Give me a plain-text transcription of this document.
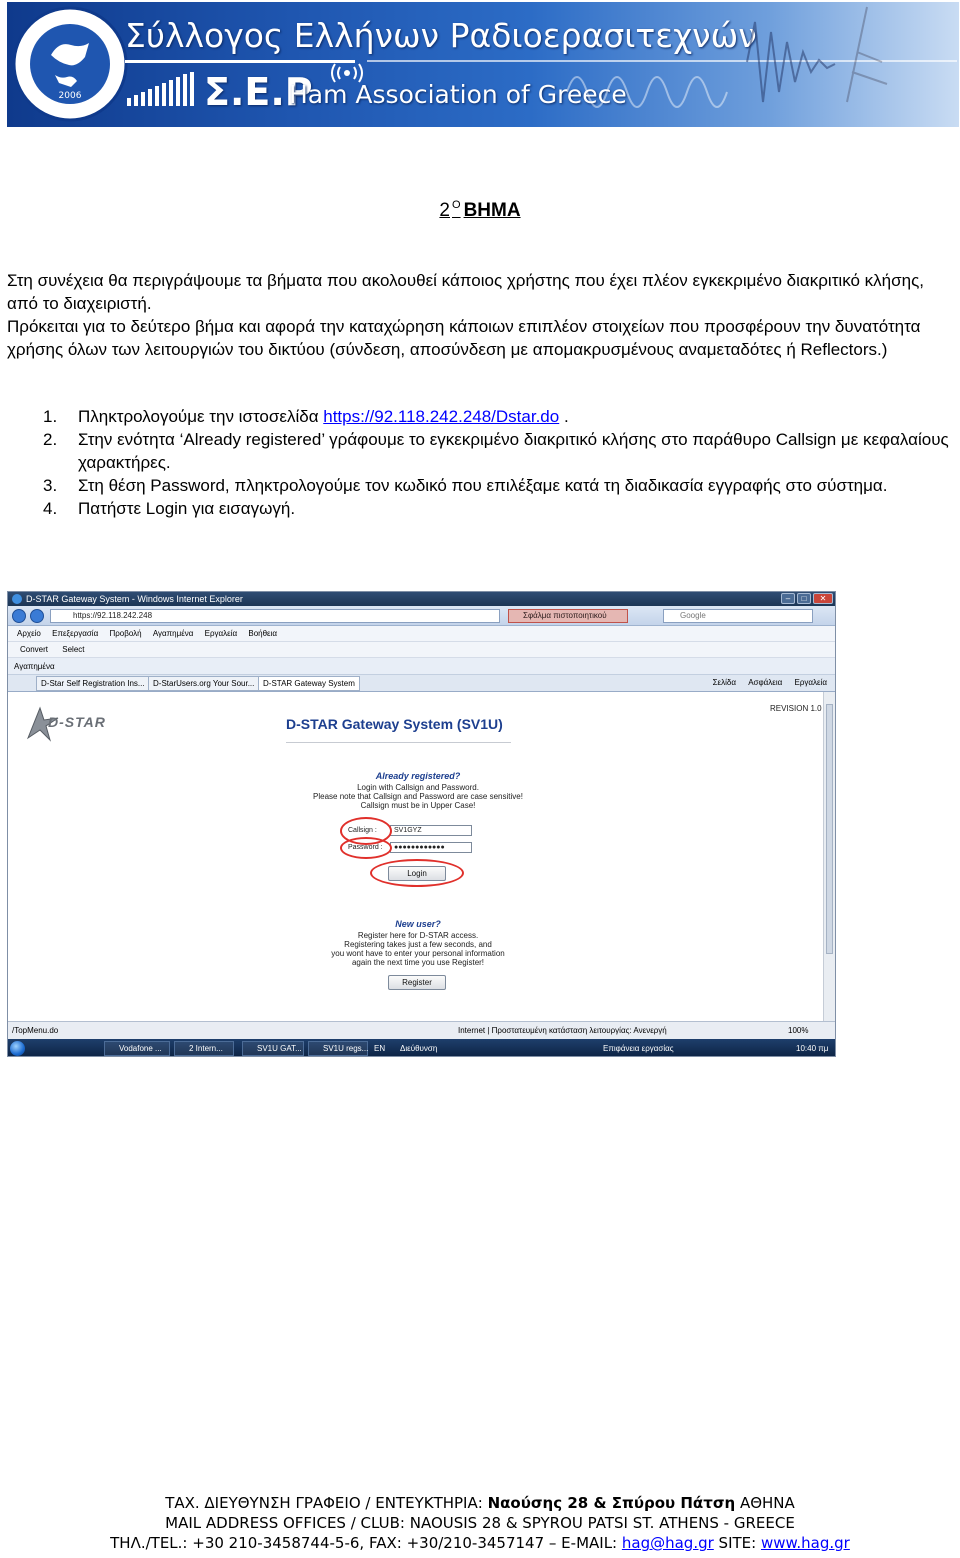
2006
Σύλλογος Ελλήνων Ραδιοερασιτεχνών
Σ.Ε.Ρ
Ham Association of Greece
2 $^O$ ΒΗΜΑ
Στη συνέχεια θα περιγράψουμε τα βήματα που ακολουθεί κάποιος χρήστης που έχει πλέον εγκεκριμένο διακριτικό κλήσης, από το διαχειριστή.
Πρόκειται για το δεύτερο βήμα και αφορά την καταχώρηση κάποιων επιπλέον στοιχείων που προσφέρουν την δυνατότητα χρήσης όλων των λειτουργιών του δικτύου (σύνδεση, αποσύνδεση με απομακρυσμένους αναμεταδότες ή Reflectors.)
1. Πληκτρολογούμε την ιστοσελίδα https://92.118.242.248/Dstar.do .
2. Στην ενότητα ‘Already registered’ γράφουμε το εγκεκριμένο διακριτικό κλήσης στο παράθυρο Callsign με κεφαλαίους χαρακτήρες.
3. Στη θέση Password, πληκτρολογούμε τον κωδικό που επιλέξαμε κατά τη διαδικασία εγγραφής στο σύστημα.
4. Πατήστε Login για εισαγωγή.
D-STAR Gateway System - Windows Internet Explorer	–	□	✕
https://92.118.242.248	Σφάλμα πιστοποιητικού	Google
Αρχείο Επεξεργασία Προβολή Αγαπημένα Εργαλεία Βοήθεια
Convert Select
Αγαπημένα
D-Star Self Registration Ins...	D-StarUsers.org Your Sour...	D-STAR Gateway System	Σελίδα Ασφάλεια Εργαλεία
D-STAR	D-STAR Gateway System (SV1U)
REVISION 1.0
Already registered?
Login with Callsign and Password.
Please note that Callsign and Password are case sensitive!
Callsign must be in Upper Case!
Callsign :	SV1GYZ
Password :	●●●●●●●●●●●●
Login
New user?
Register here for D-STAR access.
Registering takes just a few seconds, and
you wont have to enter your personal information
again the next time you use Register!
Register
/TopMenu.do	Internet | Προστατευμένη κατάσταση λειτουργίας: Ανενεργή	100%
Vodafone ...	2 Intern...	SV1U GAT...	SV1U regs... EN Διεύθυνση	Επιφάνεια εργασίας	10:40 πμ
ΤΑΧ. ΔΙΕΥΘΥΝΣΗ ΓΡΑΦΕΙΟ / ΕΝΤΕΥΚΤΗΡΙΑ: Ναούσης 28 & Σπύρου Πάτση ΑΘΗΝΑ
MAIL ADDRESS OFFICES / CLUB: NAOUSIS 28 & SPYROU PATSI ST. ATHENS - GREECE
ΤΗΛ./TEL.: +30 210-3458744-5-6, FAX: +30/210-3457147 – E-MAIL: hag@hag.gr SITE: www.hag.gr
